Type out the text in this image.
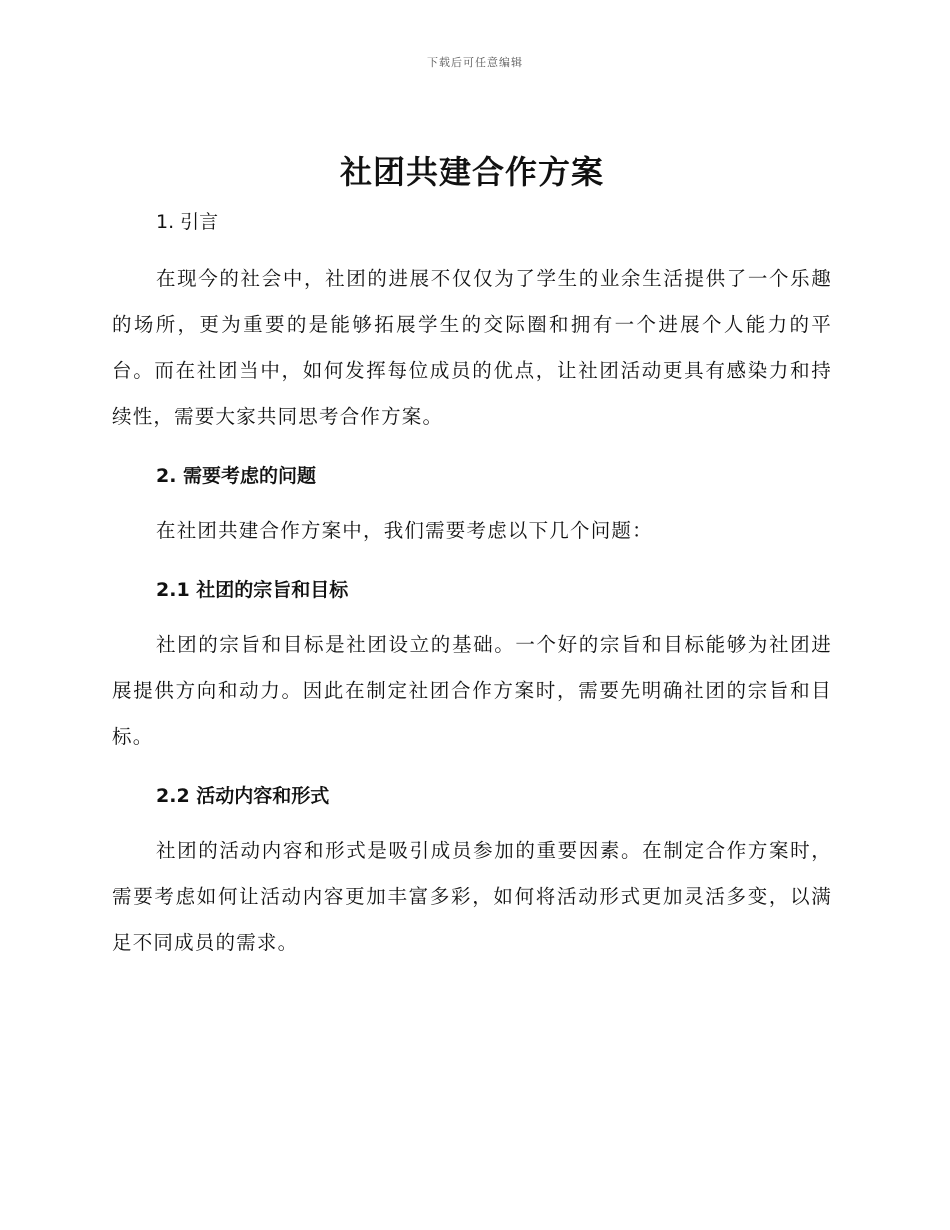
下载后可任意编辑
社团共建合作方案
1. 引言

在现今的社会中，社团的进展不仅仅为了学生的业余生活提供了一个乐趣的场所，更为重要的是能够拓展学生的交际圈和拥有一个进展个人能力的平台。而在社团当中，如何发挥每位成员的优点，让社团活动更具有感染力和持续性，需要大家共同思考合作方案。

2. 需要考虑的问题

在社团共建合作方案中，我们需要考虑以下几个问题：

2.1 社团的宗旨和目标

社团的宗旨和目标是社团设立的基础。一个好的宗旨和目标能够为社团进展提供方向和动力。因此在制定社团合作方案时，需要先明确社团的宗旨和目标。

2.2 活动内容和形式

社团的活动内容和形式是吸引成员参加的重要因素。在制定合作方案时，需要考虑如何让活动内容更加丰富多彩，如何将活动形式更加灵活多变，以满足不同成员的需求。
